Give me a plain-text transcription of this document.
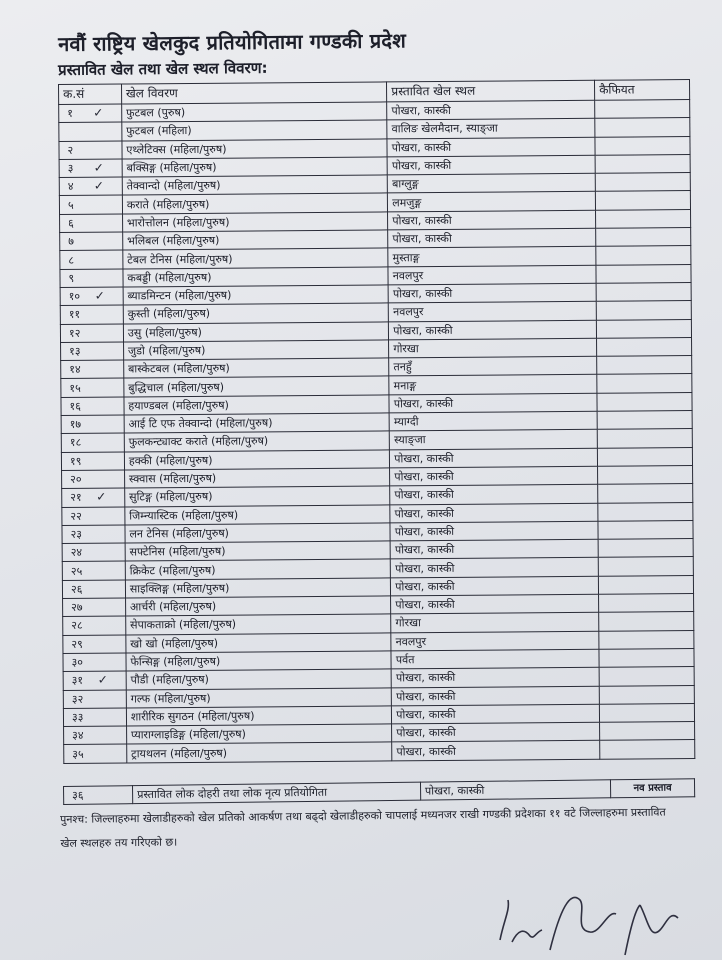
नवौं राष्ट्रिय खेलकुद प्रतियोगितामा गण्डकी प्रदेश
प्रस्तावित खेल तथा खेल स्थल विवरण:
क.सं	खेल विवरण	प्रस्तावित खेल स्थल	कैफियत
१ ✓	फुटबल (पुरुष)	पोखरा, कास्की	
	फुटबल (महिला)	वालिङ खेलमैदान, स्याङ्‍जा	
२	एथ्लेटिक्स (महिला/पुरुष)	पोखरा, कास्की	
३ ✓	बक्सिङ्ग (महिला/पुरुष)	पोखरा, कास्की	
४ ✓	तेक्वान्दो (महिला/पुरुष)	बाग्लुङ्ग	
५	कराते (महिला/पुरुष)	लमजुङ्ग	
६	भारोत्तोलन (महिला/पुरुष)	पोखरा, कास्की	
७	भलिबल (महिला/पुरुष)	पोखरा, कास्की	
८	टेबल टेनिस (महिला/पुरुष)	मुस्ताङ्ग	
९	कबड्डी (महिला/पुरुष)	नवलपुर	
१० ✓	ब्याडमिन्टन (महिला/पुरुष)	पोखरा, कास्की	
११	कुस्ती (महिला/पुरुष)	नवलपुर	
१२	उसु (महिला/पुरुष)	पोखरा, कास्की	
१३	जुडो (महिला/पुरुष)	गोरखा	
१४	बास्केटबल (महिला/पुरुष)	तनहुँ	
१५	बुद्धिचाल (महिला/पुरुष)	मनाङ्ग	
१६	हयाण्डबल (महिला/पुरुष)	पोखरा, कास्की	
१७	आई टि एफ तेक्वान्दो (महिला/पुरुष)	म्याग्दी	
१८	फुलकन्ट्याक्ट कराते (महिला/पुरुष)	स्याङ्‍जा	
१९	हक्की (महिला/पुरुष)	पोखरा, कास्की	
२०	स्क्वास (महिला/पुरुष)	पोखरा, कास्की	
२१ ✓	सुटिङ्ग (महिला/पुरुष)	पोखरा, कास्की	
२२	जिम्न्यास्टिक (महिला/पुरुष)	पोखरा, कास्की	
२३	लन टेनिस (महिला/पुरुष)	पोखरा, कास्की	
२४	सफ्टेनिस (महिला/पुरुष)	पोखरा, कास्की	
२५	क्रिकेट (महिला/पुरुष)	पोखरा, कास्की	
२६	साइक्लिङ्ग (महिला/पुरुष)	पोखरा, कास्की	
२७	आर्चरी (महिला/पुरुष)	पोखरा, कास्की	
२८	सेपाकताक्रो (महिला/पुरुष)	गोरखा	
२९	खो खो (महिला/पुरुष)	नवलपुर	
३०	फेन्सिङ्ग (महिला/पुरुष)	पर्वत	
३१ ✓	पौडी (महिला/पुरुष)	पोखरा, कास्की	
३२	गल्फ (महिला/पुरुष)	पोखरा, कास्की	
३३	शारीरिक सुगठन (महिला/पुरुष)	पोखरा, कास्की	
३४	प्याराग्लाइडिङ्ग (महिला/पुरुष)	पोखरा, कास्की	
३५	ट्रायथलन (महिला/पुरुष)	पोखरा, कास्की	
३६	प्रस्तावित लोक दोहरी तथा लोक नृत्य प्रतियोगिता	पोखरा, कास्की	नव प्रस्ताव
पुनश्च: जिल्लाहरुमा खेलाडीहरुको खेल प्रतिको आकर्षण तथा बढ्दो खेलाडीहरुको चापलाई मध्यनजर राखी गण्डकी प्रदेशका ११ वटे जिल्लाहरुमा प्रस्तावित खेल स्थलहरु तय गरिएको छ।
